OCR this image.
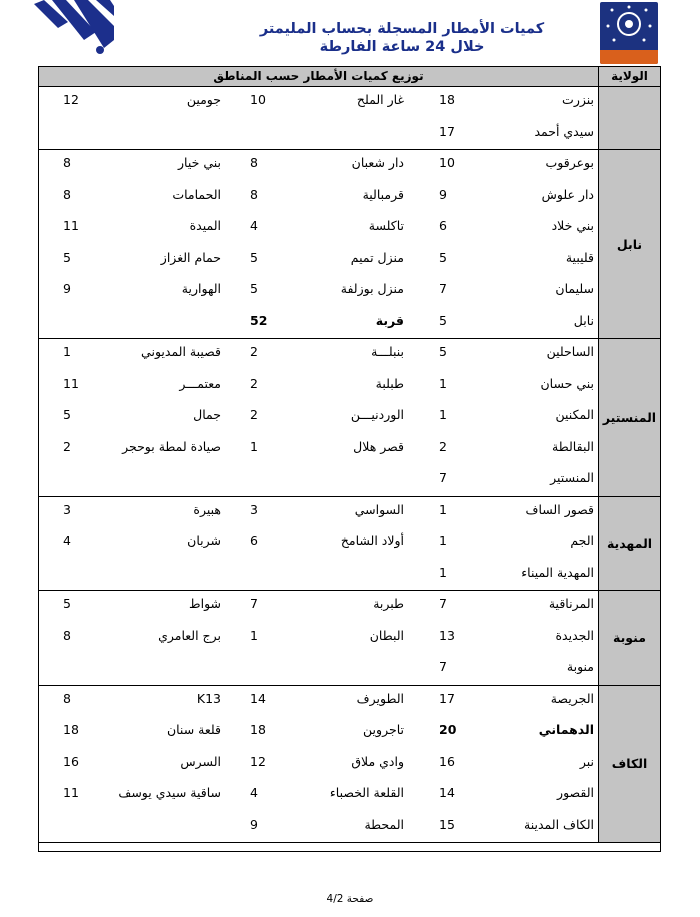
كميات الأمطار المسجلة بحساب المليمتر
خلال 24 ساعة الفارطة
توزيع كميات الأمطار حسب المناطق	الولاية
بنزرت
18
غار الملح
10
جومين
12
سيدي أحمد
17
نابل
بوعرقوب
10
دار شعبان
8
بني خيار
8
دار علوش
9
قرمبالية
8
الحمامات
8
بني خلاد
6
تاكلسة
4
الميدة
11
قليبية
5
منزل تميم
5
حمام الغزاز
5
سليمان
7
منزل بوزلفة
5
الهوارية
9
نابل
5
قربة
52
المنستير
الساحلين
5
بنبلـــة
2
قصيبة المديوني
1
بني حسان
1
طبلبة
2
معتمـــر
11
المكنين
1
الوردنيـــن
2
جمال
5
البقالطة
2
قصر هلال
1
صيادة لمطة بوحجر
2
المنستير
7
المهدية
قصور الساف
1
السواسي
3
هبيرة
3
الجم
1
أولاد الشامخ
6
شربان
4
المهدية الميناء
1
منوبة
المرناقية
7
طبربة
7
شواط
5
الجديدة
13
البطان
1
برج العامري
8
منوبة
7
الكاف
الجريصة
17
الطويرف
14
K13
8
الدهماني
20
تاجروين
18
قلعة سنان
18
نبر
16
وادي ملاق
12
السرس
16
القصور
14
القلعة الخصباء
4
ساقية سيدي يوسف
11
الكاف المدينة
15
المحطة
9
صفحة 4/2
